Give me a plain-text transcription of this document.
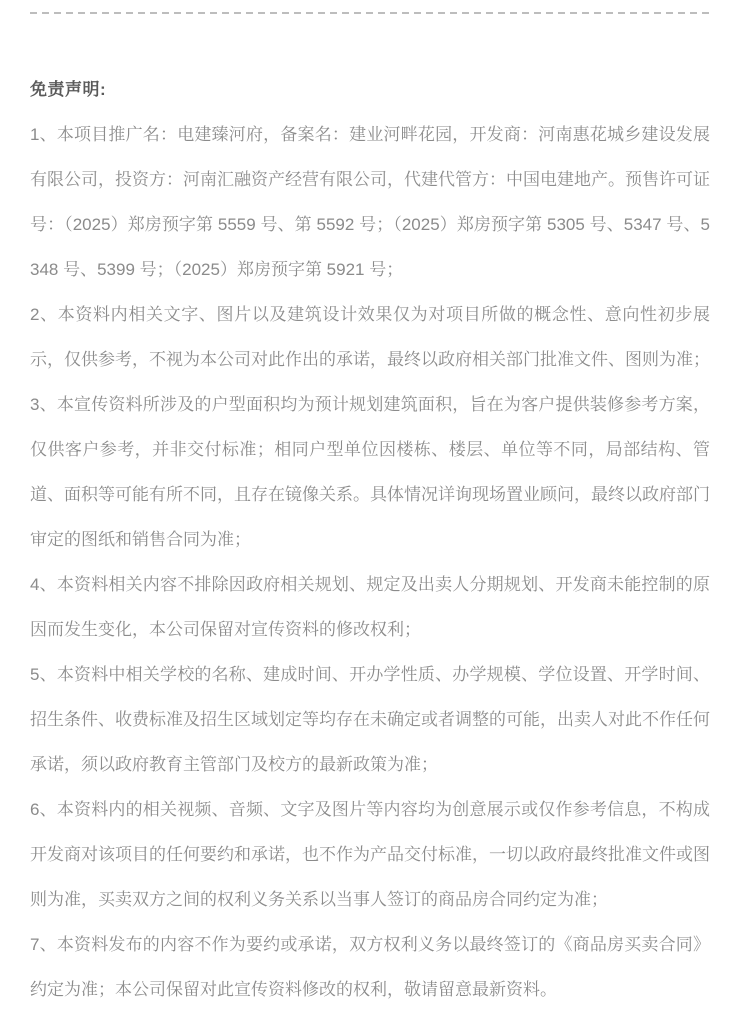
免责声明:

1、本项目推广名：电建臻河府，备案名：建业河畔花园，开发商：河南惠花城乡建设发展有限公司，投资方：河南汇融资产经营有限公司，代建代管方：中国电建地产。预售许可证号：（2025）郑房预字第 5559 号、第 5592 号；（2025）郑房预字第 5305 号、5347 号、5348 号、5399 号；（2025）郑房预字第 5921 号；

2、本资料内相关文字、图片以及建筑设计效果仅为对项目所做的概念性、意向性初步展示，仅供参考，不视为本公司对此作出的承诺，最终以政府相关部门批准文件、图则为准；

3、本宣传资料所涉及的户型面积均为预计规划建筑面积，旨在为客户提供装修参考方案，仅供客户参考，并非交付标准；相同户型单位因楼栋、楼层、单位等不同，局部结构、管道、面积等可能有所不同，且存在镜像关系。具体情况详询现场置业顾问，最终以政府部门审定的图纸和销售合同为准；

4、本资料相关内容不排除因政府相关规划、规定及出卖人分期规划、开发商未能控制的原因而发生变化，本公司保留对宣传资料的修改权利；

5、本资料中相关学校的名称、建成时间、开办学性质、办学规模、学位设置、开学时间、招生条件、收费标准及招生区域划定等均存在未确定或者调整的可能，出卖人对此不作任何承诺，须以政府教育主管部门及校方的最新政策为准；

6、本资料内的相关视频、音频、文字及图片等内容均为创意展示或仅作参考信息，不构成开发商对该项目的任何要约和承诺，也不作为产品交付标准，一切以政府最终批准文件或图则为准，买卖双方之间的权利义务关系以当事人签订的商品房合同约定为准；

7、本资料发布的内容不作为要约或承诺，双方权利义务以最终签订的《商品房买卖合同》约定为准；本公司保留对此宣传资料修改的权利，敬请留意最新资料。
